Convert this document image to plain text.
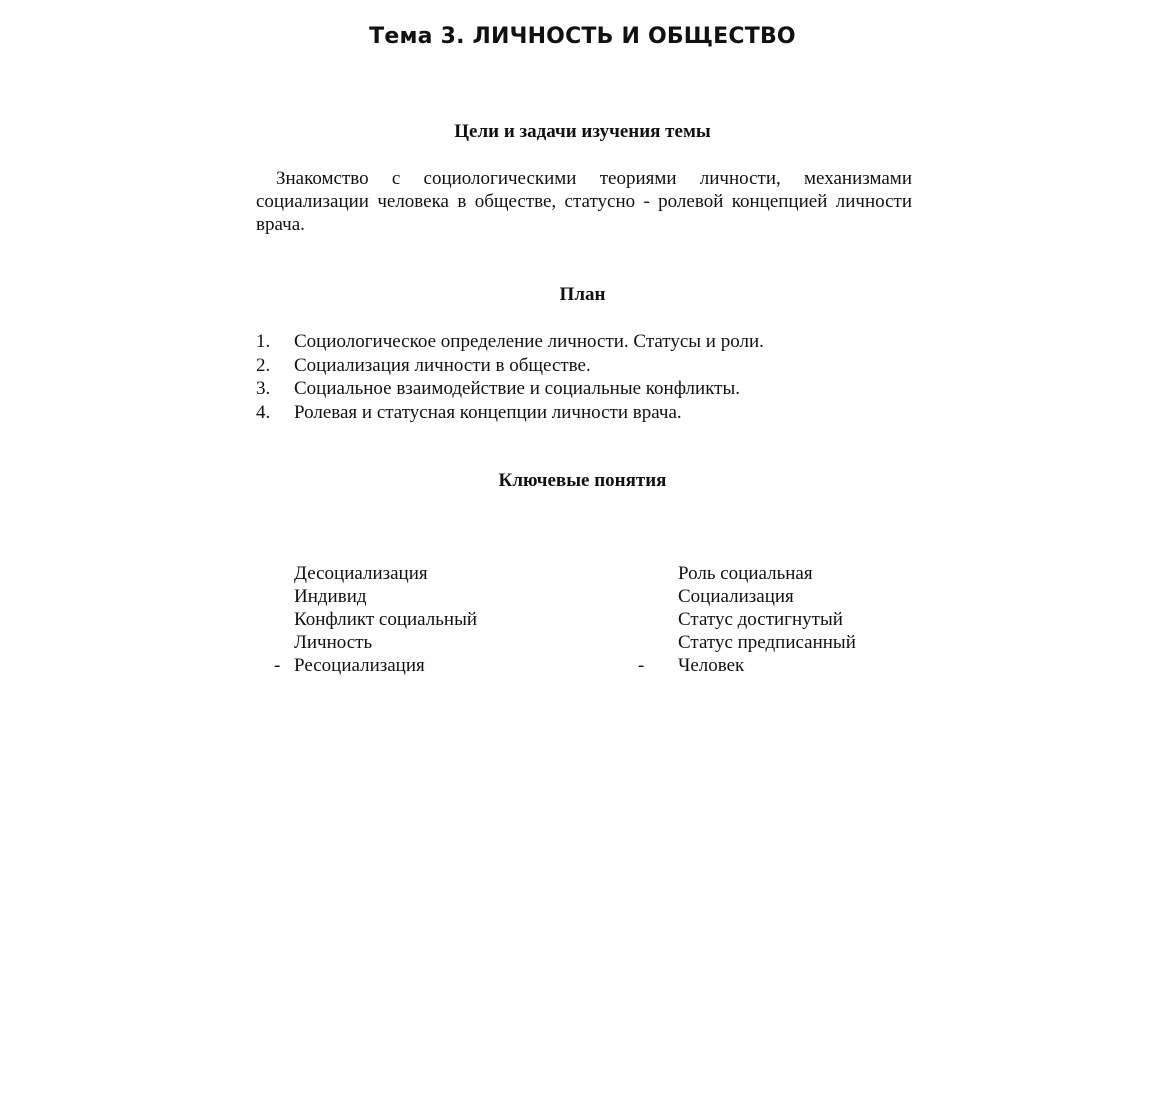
Тема 3. ЛИЧНОСТЬ И ОБЩЕСТВО
Цели и задачи изучения темы

Знакомство с социологическими теориями личности, механизмами социализации человека в обществе, статусно - ролевой концепцией личности врача.

План
1. Социологическое определение личности. Статусы и роли.
2. Социализация личности в обществе.
3. Социальное взаимодействие и социальные конфликты.
4. Ролевая и статусная концепции личности врача.
Ключевые понятия
Десоциализация
Индивид
Конфликт социальный
Личность
- Ресоциализация
Роль социальная
Социализация
Статус достигнутый
Статус предписанный
- Человек
